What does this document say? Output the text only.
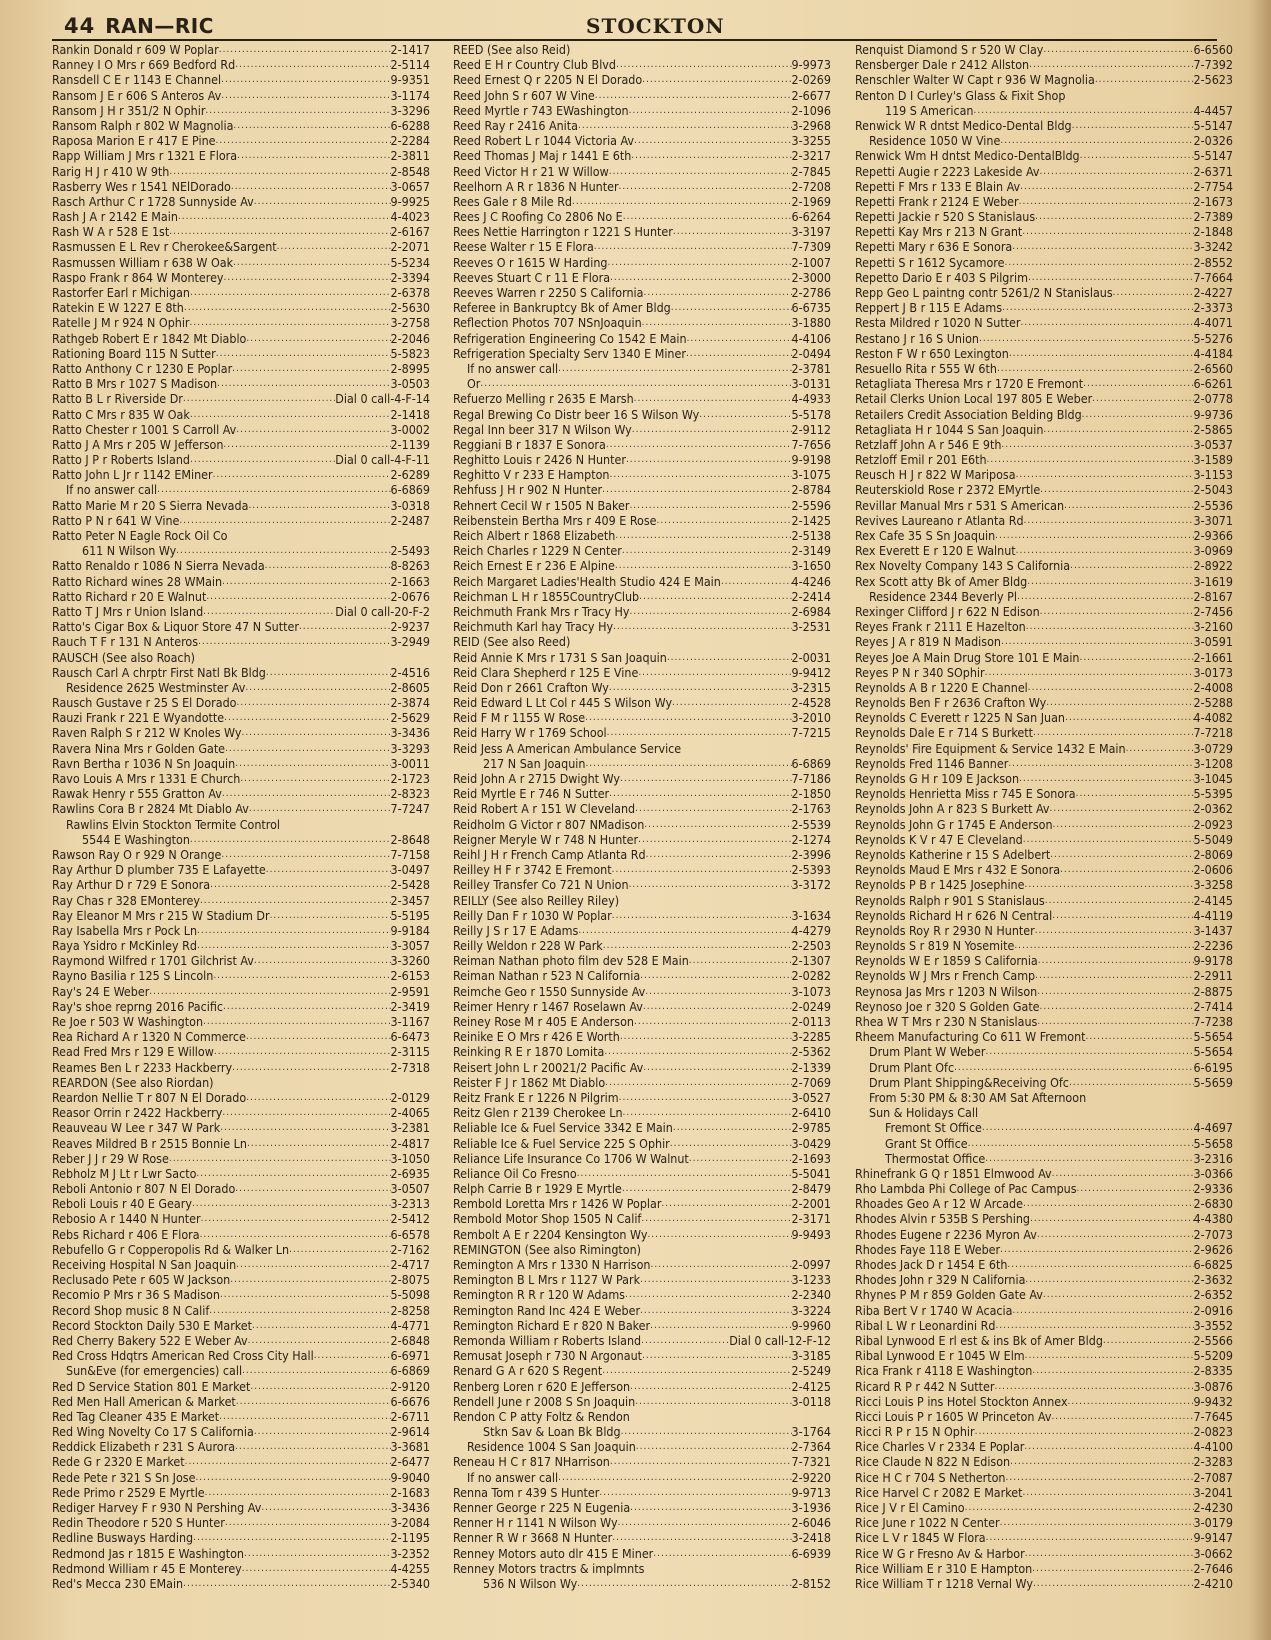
44 RAN—RIC	STOCKTON
Rankin Donald r 609 W Poplar .....	2-1417
Ranney I O Mrs r 669 Bedford Rd .....	2-5114
Ransdell C E r 1143 E Channel .....	9-9351
Ransom J E r 606 S Anteros Av .....	3-1174
Ransom J H r 351/2 N Ophir .....	3-3296
Ransom Ralph r 802 W Magnolia .....	6-6288
Raposa Marion E r 417 E Pine .....	2-2284
Rapp William J Mrs r 1321 E Flora .....	2-3811
Rarig H J r 410 W 9th .....	2-8548
Rasberry Wes r 1541 NElDorado .....	3-0657
Rasch Arthur C r 1728 Sunnyside Av .....	9-9925
Rash J A r 2142 E Main .....	4-4023
Rash W A r 528 E 1st .....	2-6167
Rasmussen E L Rev r Cherokee&Sargent .....	2-2071
Rasmussen William r 638 W Oak .....	5-5234
Raspo Frank r 864 W Monterey .....	2-3394
Rastorfer Earl r Michigan .....	2-6378
Ratekin E W 1227 E 8th .....	2-5630
Ratelle J M r 924 N Ophir .....	3-2758
Rathgeb Robert E r 1842 Mt Diablo .....	2-2046
Rationing Board 115 N Sutter .....	5-5823
Ratto Anthony C r 1230 E Poplar .....	2-8995
Ratto B Mrs r 1027 S Madison .....	3-0503
Ratto B L r Riverside Dr .....	Dial 0 call-4-F-14
Ratto C Mrs r 835 W Oak .....	2-1418
Ratto Chester r 1001 S Carroll Av .....	3-0002
Ratto J A Mrs r 205 W Jefferson .....	2-1139
Ratto J P r Roberts Island .....	Dial 0 call-4-F-11
Ratto John L Jr r 1142 EMiner .....	2-6289
If no answer call .....	6-6869
Ratto Marie M r 20 S Sierra Nevada .....	3-0318
Ratto P N r 641 W Vine .....	2-2487
Ratto Peter N Eagle Rock Oil Co
611 N Wilson Wy .....	2-5493
Ratto Renaldo r 1086 N Sierra Nevada .....	8-8263
Ratto Richard wines 28 WMain .....	2-1663
Ratto Richard r 20 E Walnut .....	2-0676
Ratto T J Mrs r Union Island .....	Dial 0 call-20-F-2
Ratto's Cigar Box & Liquor Store 47 N Sutter .....	2-9237
Rauch T F r 131 N Anteros .....	3-2949
RAUSCH (See also Roach)
Rausch Carl A chrptr First Natl Bk Bldg .....	2-4516
Residence 2625 Westminster Av .....	2-8605
Rausch Gustave r 25 S El Dorado .....	2-3874
Rauzi Frank r 221 E Wyandotte .....	2-5629
Raven Ralph S r 212 W Knoles Wy .....	3-3436
Ravera Nina Mrs r Golden Gate .....	3-3293
Ravn Bertha r 1036 N Sn Joaquin .....	3-0011
Ravo Louis A Mrs r 1331 E Church .....	2-1723
Rawak Henry r 555 Gratton Av .....	2-8323
Rawlins Cora B r 2824 Mt Diablo Av .....	7-7247
Rawlins Elvin Stockton Termite Control
5544 E Washington .....	2-8648
Rawson Ray O r 929 N Orange .....	7-7158
Ray Arthur D plumber 735 E Lafayette .....	3-0497
Ray Arthur D r 729 E Sonora .....	2-5428
Ray Chas r 328 EMonterey .....	2-3457
Ray Eleanor M Mrs r 215 W Stadium Dr .....	5-5195
Ray Isabella Mrs r Pock Ln .....	9-9184
Raya Ysidro r McKinley Rd .....	3-3057
Raymond Wilfred r 1701 Gilchrist Av .....	3-3260
Rayno Basilia r 125 S Lincoln .....	2-6153
Ray's 24 E Weber .....	2-9591
Ray's shoe reprng 2016 Pacific .....	2-3419
Re Joe r 503 W Washington .....	3-1167
Rea Richard A r 1320 N Commerce .....	6-6473
Read Fred Mrs r 129 E Willow .....	2-3115
Reames Ben L r 2233 Hackberry .....	2-7318
REARDON (See also Riordan)
Reardon Nellie T r 807 N El Dorado .....	2-0129
Reasor Orrin r 2422 Hackberry .....	2-4065
Reauveau W Lee r 347 W Park .....	3-2381
Reaves Mildred B r 2515 Bonnie Ln .....	2-4817
Reber J J r 29 W Rose .....	3-1050
Rebholz M J Lt r Lwr Sacto .....	2-6935
Reboli Antonio r 807 N El Dorado .....	3-0507
Reboli Louis r 40 E Geary .....	3-2313
Rebosio A r 1440 N Hunter .....	2-5412
Rebs Richard r 406 E Flora .....	6-6578
Rebufello G r Copperopolis Rd & Walker Ln .....	2-7162
Receiving Hospital N San Joaquin .....	2-4717
Reclusado Pete r 605 W Jackson .....	2-8075
Recomio P Mrs r 36 S Madison .....	5-5098
Record Shop music 8 N Calif .....	2-8258
Record Stockton Daily 530 E Market .....	4-4771
Red Cherry Bakery 522 E Weber Av .....	2-6848
Red Cross Hdqtrs American Red Cross City Hall .....	6-6971
Sun&Eve (for emergencies) call .....	6-6869
Red D Service Station 801 E Market .....	2-9120
Red Men Hall American & Market .....	6-6676
Red Tag Cleaner 435 E Market .....	2-6711
Red Wing Novelty Co 17 S California .....	2-9614
Reddick Elizabeth r 231 S Aurora .....	3-3681
Rede G r 2320 E Market .....	2-6477
Rede Pete r 321 S Sn Jose .....	9-9040
Rede Primo r 2529 E Myrtle .....	2-1683
Rediger Harvey F r 930 N Pershing Av .....	3-3436
Redin Theodore r 520 S Hunter .....	3-2084
Redline Busways Harding .....	2-1195
Redmond Jas r 1815 E Washington .....	3-2352
Redmond William r 45 E Monterey .....	4-4255
Red's Mecca 230 EMain .....	2-5340
REED (See also Reid)
Reed E H r Country Club Blvd .....	9-9973
Reed Ernest Q r 2205 N El Dorado .....	2-0269
Reed John S r 607 W Vine .....	2-6677
Reed Myrtle r 743 EWashington .....	2-1096
Reed Ray r 2416 Anita .....	3-2968
Reed Robert L r 1044 Victoria Av .....	3-3255
Reed Thomas J Maj r 1441 E 6th .....	2-3217
Reed Victor H r 21 W Willow .....	2-7845
Reelhorn A R r 1836 N Hunter .....	2-7208
Rees Gale r 8 Mile Rd .....	2-1969
Rees J C Roofing Co 2806 No E .....	6-6264
Rees Nettie Harrington r 1221 S Hunter .....	3-3197
Reese Walter r 15 E Flora .....	7-7309
Reeves O r 1615 W Harding .....	2-1007
Reeves Stuart C r 11 E Flora .....	2-3000
Reeves Warren r 2250 S California .....	2-2786
Referee in Bankruptcy Bk of Amer Bldg .....	6-6735
Reflection Photos 707 NSnJoaquin .....	3-1880
Refrigeration Engineering Co 1542 E Main .....	4-4106
Refrigeration Specialty Serv 1340 E Miner .....	2-0494
If no answer call .....	2-3781
Or .....	3-0131
Refuerzo Melling r 2635 E Marsh .....	4-4933
Regal Brewing Co Distr beer 16 S Wilson Wy .....	5-5178
Regal Inn beer 317 N Wilson Wy .....	2-9112
Reggiani B r 1837 E Sonora .....	7-7656
Reghitto Louis r 2426 N Hunter .....	9-9198
Reghitto V r 233 E Hampton .....	3-1075
Rehfuss J H r 902 N Hunter .....	2-8784
Rehnert Cecil W r 1505 N Baker .....	2-5596
Reibenstein Bertha Mrs r 409 E Rose .....	2-1425
Reich Albert r 1868 Elizabeth .....	2-5138
Reich Charles r 1229 N Center .....	2-3149
Reich Ernest E r 236 E Alpine .....	3-1650
Reich Margaret Ladies'Health Studio 424 E Main .....	4-4246
Reichman L H r 1855CountryClub .....	2-2414
Reichmuth Frank Mrs r Tracy Hy .....	2-6984
Reichmuth Karl hay Tracy Hy .....	3-2531
REID (See also Reed)
Reid Annie K Mrs r 1731 S San Joaquin .....	2-0031
Reid Clara Shepherd r 125 E Vine .....	9-9412
Reid Don r 2661 Crafton Wy .....	3-2315
Reid Edward L Lt Col r 445 S Wilson Wy .....	2-4528
Reid F M r 1155 W Rose .....	3-2010
Reid Harry W r 1769 School .....	7-7215
Reid Jess A American Ambulance Service
217 N San Joaquin .....	6-6869
Reid John A r 2715 Dwight Wy .....	7-7186
Reid Myrtle E r 746 N Sutter .....	2-1850
Reid Robert A r 151 W Cleveland .....	2-1763
Reidholm G Victor r 807 NMadison .....	2-5539
Reigner Meryle W r 748 N Hunter .....	2-1274
Reihl J H r French Camp Atlanta Rd .....	2-3996
Reilley H F r 3742 E Fremont .....	2-5393
Reilley Transfer Co 721 N Union .....	3-3172
REILLY (See also Reilley Riley)
Reilly Dan F r 1030 W Poplar .....	3-1634
Reilly J S r 17 E Adams .....	4-4279
Reilly Weldon r 228 W Park .....	2-2503
Reiman Nathan photo film dev 528 E Main .....	2-1307
Reiman Nathan r 523 N California .....	2-0282
Reimche Geo r 1550 Sunnyside Av .....	3-1073
Reimer Henry r 1467 Roselawn Av .....	2-0249
Reiney Rose M r 405 E Anderson .....	2-0113
Reinike E O Mrs r 426 E Worth .....	3-2285
Reinking R E r 1870 Lomita .....	2-5362
Reisert John L r 20021/2 Pacific Av .....	2-1339
Reister F J r 1862 Mt Diablo .....	2-7069
Reitz Frank E r 1226 N Pilgrim .....	3-0527
Reitz Glen r 2139 Cherokee Ln .....	2-6410
Reliable Ice & Fuel Service 3342 E Main .....	2-9785
Reliable Ice & Fuel Service 225 S Ophir .....	3-0429
Reliance Life Insurance Co 1706 W Walnut .....	2-1693
Reliance Oil Co Fresno .....	5-5041
Relph Carrie B r 1929 E Myrtle .....	2-8479
Rembold Loretta Mrs r 1426 W Poplar .....	2-2001
Rembold Motor Shop 1505 N Calif .....	2-3171
Rembolt A E r 2204 Kensington Wy .....	9-9493
REMINGTON (See also Rimington)
Remington A Mrs r 1330 N Harrison .....	2-0997
Remington B L Mrs r 1127 W Park .....	3-1233
Remington R R r 120 W Adams .....	2-2340
Remington Rand Inc 424 E Weber .....	3-3224
Remington Richard E r 820 N Baker .....	9-9960
Remonda William r Roberts Island .....	Dial 0 call-12-F-12
Remusat Joseph r 730 N Argonaut .....	3-3185
Renard G A r 620 S Regent .....	2-5249
Renberg Loren r 620 E Jefferson .....	2-4125
Rendell June r 2008 S Sn Joaquin .....	3-0118
Rendon C P atty Foltz & Rendon
Stkn Sav & Loan Bk Bldg .....	3-1764
Residence 1004 S San Joaquin .....	2-7364
Reneau H C r 817 NHarrison .....	7-7321
If no answer call .....	2-9220
Renna Tom r 439 S Hunter .....	9-9713
Renner George r 225 N Eugenia .....	3-1936
Renner H r 1141 N Wilson Wy .....	2-6046
Renner R W r 3668 N Hunter .....	3-2418
Renney Motors auto dlr 415 E Miner .....	6-6939
Renney Motors tractrs & implmnts
536 N Wilson Wy .....	2-8152
Renquist Diamond S r 520 W Clay .....	6-6560
Rensberger Dale r 2412 Allston .....	7-7392
Renschler Walter W Capt r 936 W Magnolia .....	2-5623
Renton D I Curley's Glass & Fixit Shop
119 S American .....	4-4457
Renwick W R dntst Medico-Dental Bldg .....	5-5147
Residence 1050 W Vine .....	2-0326
Renwick Wm H dntst Medico-DentalBldg .....	5-5147
Repetti Augie r 2223 Lakeside Av .....	2-6371
Repetti F Mrs r 133 E Blain Av .....	2-7754
Repetti Frank r 2124 E Weber .....	2-1673
Repetti Jackie r 520 S Stanislaus .....	2-7389
Repetti Kay Mrs r 213 N Grant .....	2-1848
Repetti Mary r 636 E Sonora .....	3-3242
Repetti S r 1612 Sycamore .....	2-8552
Repetto Dario E r 403 S Pilgrim .....	7-7664
Repp Geo L paintng contr 5261/2 N Stanislaus .....	2-4227
Reppert J B r 115 E Adams .....	2-3373
Resta Mildred r 1020 N Sutter .....	4-4071
Restano J r 16 S Union .....	5-5276
Reston F W r 650 Lexington .....	4-4184
Resuello Rita r 555 W 6th .....	2-6560
Retagliata Theresa Mrs r 1720 E Fremont .....	6-6261
Retail Clerks Union Local 197 805 E Weber .....	2-0778
Retailers Credit Association Belding Bldg .....	9-9736
Retagliata H r 1044 S San Joaquin .....	2-5865
Retzlaff John A r 546 E 9th .....	3-0537
Retzloff Emil r 201 E6th .....	3-1589
Reusch H J r 822 W Mariposa .....	3-1153
Reuterskiold Rose r 2372 EMyrtle .....	2-5043
Revillar Manual Mrs r 531 S American .....	2-5536
Revives Laureano r Atlanta Rd .....	3-3071
Rex Cafe 35 S Sn Joaquin .....	2-9366
Rex Everett E r 120 E Walnut .....	3-0969
Rex Novelty Company 143 S California .....	2-8922
Rex Scott atty Bk of Amer Bldg .....	3-1619
Residence 2344 Beverly Pl .....	2-8167
Rexinger Clifford J r 622 N Edison .....	2-7456
Reyes Frank r 2111 E Hazelton .....	3-2160
Reyes J A r 819 N Madison .....	3-0591
Reyes Joe A Main Drug Store 101 E Main .....	2-1661
Reyes P N r 340 SOphir .....	3-0173
Reynolds A B r 1220 E Channel .....	2-4008
Reynolds Ben F r 2636 Crafton Wy .....	2-5288
Reynolds C Everett r 1225 N San Juan .....	4-4082
Reynolds Dale E r 714 S Burkett .....	7-7218
Reynolds' Fire Equipment & Service 1432 E Main .....	3-0729
Reynolds Fred 1146 Banner .....	3-1208
Reynolds G H r 109 E Jackson .....	3-1045
Reynolds Henrietta Miss r 745 E Sonora .....	5-5395
Reynolds John A r 823 S Burkett Av .....	2-0362
Reynolds John G r 1745 E Anderson .....	2-0923
Reynolds K V r 47 E Cleveland .....	5-5049
Reynolds Katherine r 15 S Adelbert .....	2-8069
Reynolds Maud E Mrs r 432 E Sonora .....	2-0606
Reynolds P B r 1425 Josephine .....	3-3258
Reynolds Ralph r 901 S Stanislaus .....	2-4145
Reynolds Richard H r 626 N Central .....	4-4119
Reynolds Roy R r 2930 N Hunter .....	3-1437
Reynolds S r 819 N Yosemite .....	2-2236
Reynolds W E r 1859 S California .....	9-9178
Reynolds W J Mrs r French Camp .....	2-2911
Reynosa Jas Mrs r 1203 N Wilson .....	2-8875
Reynoso Joe r 320 S Golden Gate .....	2-7414
Rhea W T Mrs r 230 N Stanislaus .....	7-7238
Rheem Manufacturing Co 611 W Fremont .....	5-5654
Drum Plant W Weber .....	5-5654
Drum Plant Ofc .....	6-6195
Drum Plant Shipping&Receiving Ofc .....	5-5659
From 5:30 PM & 8:30 AM Sat Afternoon
Sun & Holidays Call
Fremont St Office .....	4-4697
Grant St Office .....	5-5658
Thermostat Office .....	3-2316
Rhinefrank G Q r 1851 Elmwood Av .....	3-0366
Rho Lambda Phi College of Pac Campus .....	2-9336
Rhoades Geo A r 12 W Arcade .....	2-6830
Rhodes Alvin r 535B S Pershing .....	4-4380
Rhodes Eugene r 2236 Myron Av .....	2-7073
Rhodes Faye 118 E Weber .....	2-9626
Rhodes Jack D r 1454 E 6th .....	6-6825
Rhodes John r 329 N California .....	2-3632
Rhynes P M r 859 Golden Gate Av .....	2-6352
Riba Bert V r 1740 W Acacia .....	2-0916
Ribal L W r Leonardini Rd .....	3-3552
Ribal Lynwood E rl est & ins Bk of Amer Bldg .....	2-5566
Ribal Lynwood E r 1045 W Elm .....	5-5209
Rica Frank r 4118 E Washington .....	2-8335
Ricard R P r 442 N Sutter .....	3-0876
Ricci Louis P ins Hotel Stockton Annex .....	9-9432
Ricci Louis P r 1605 W Princeton Av .....	7-7645
Ricci R P r 15 N Ophir .....	2-0823
Rice Charles V r 2334 E Poplar .....	4-4100
Rice Claude N 822 N Edison .....	2-3283
Rice H C r 704 S Netherton .....	2-7087
Rice Harvel C r 2082 E Market .....	3-2041
Rice J V r El Camino .....	2-4230
Rice June r 1022 N Center .....	3-0179
Rice L V r 1845 W Flora .....	9-9147
Rice W G r Fresno Av & Harbor .....	3-0662
Rice William E r 310 E Hampton .....	2-7646
Rice William T r 1218 Vernal Wy .....	2-4210
